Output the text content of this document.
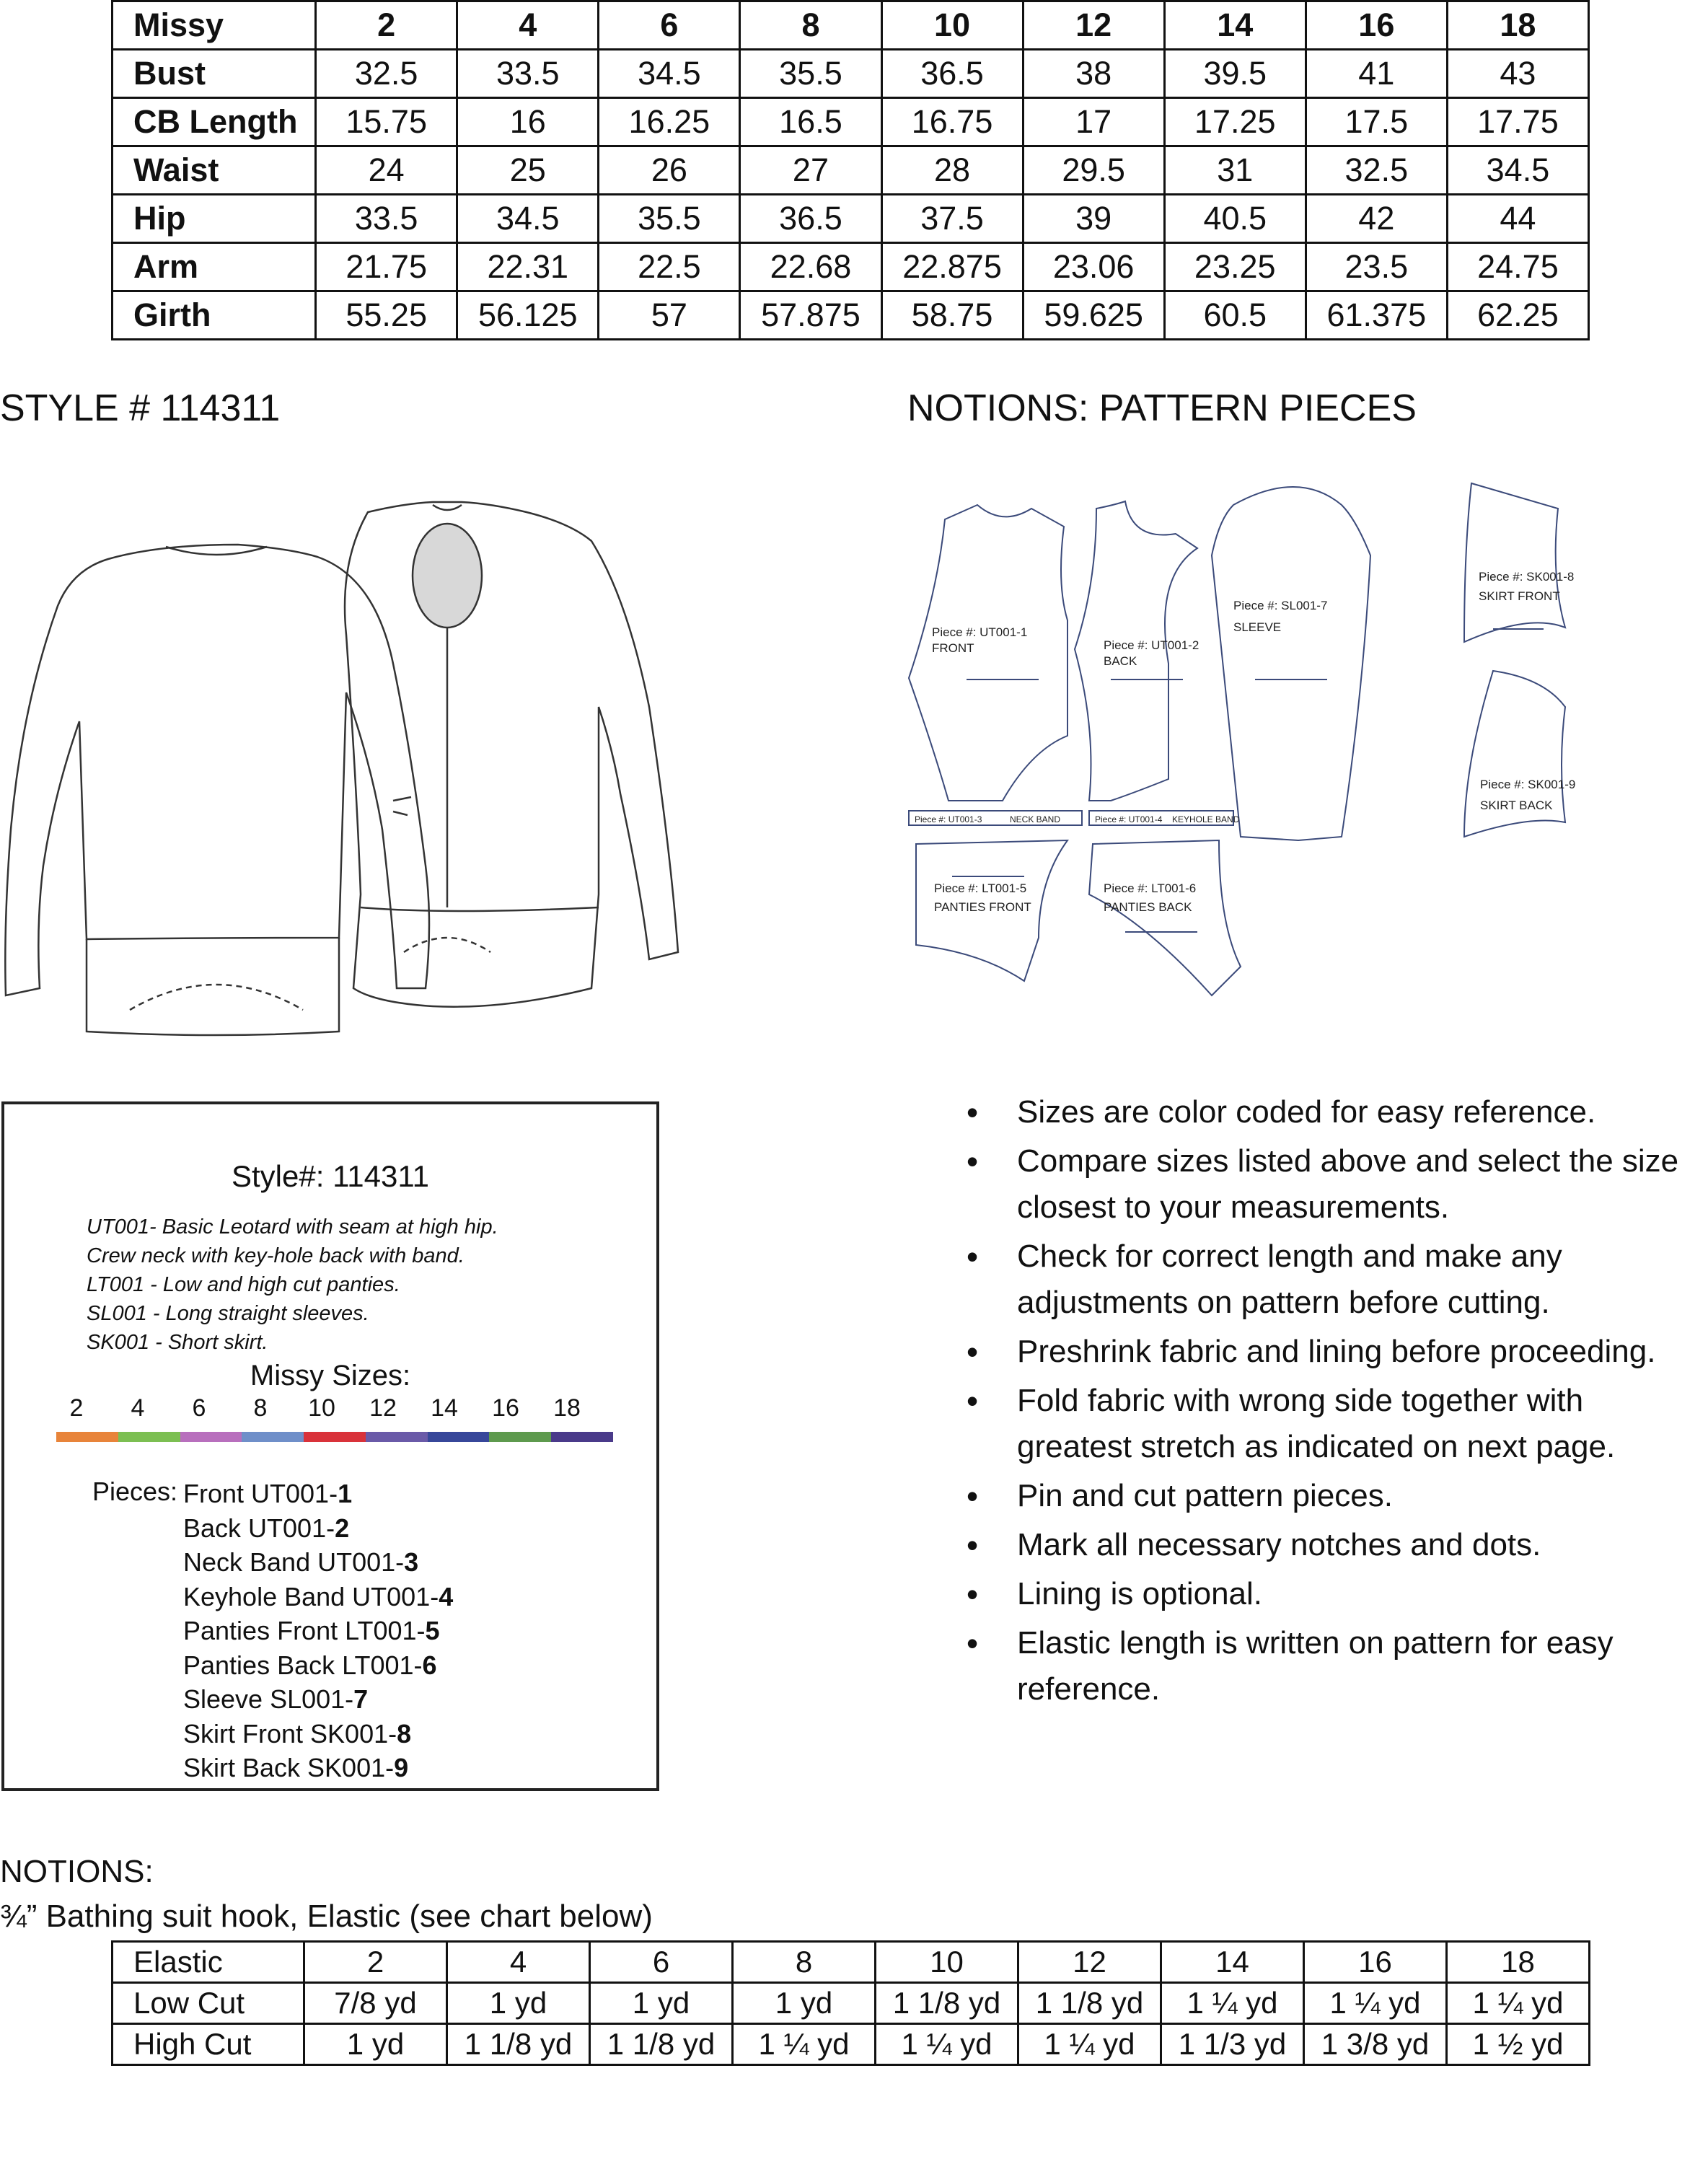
Missy	2	4	6	8	10	12	14	16	18
Bust	32.5	33.5	34.5	35.5	36.5	38	39.5	41	43
CB Length	15.75	16	16.25	16.5	16.75	17	17.25	17.5	17.75
Waist	24	25	26	27	28	29.5	31	32.5	34.5
Hip	33.5	34.5	35.5	36.5	37.5	39	40.5	42	44
Arm	21.75	22.31	22.5	22.68	22.875	23.06	23.25	23.5	24.75
Girth	55.25	56.125	57	57.875	58.75	59.625	60.5	61.375	62.25
STYLE # 114311	NOTIONS: PATTERN PIECES
Piece #: UT001-1
FRONT	Piece #: UT001-2
BACK
Piece #: SL001-7
SLEEVE
Piece #: SK001-8
SKIRT FRONT
Piece #: SK001-9
SKIRT BACK
Piece #: UT001-3	NECK BAND	Piece #: UT001-4 KEYHOLE BAND
Piece #: LT001-5
PANTIES FRONT
Piece #: LT001-6
PANTIES BACK
Style#: 114311
UT001- Basic Leotard with seam at high hip.
Crew neck with key-hole back with band.
LT001 - Low and high cut panties.
SL001 - Long straight sleeves.
SK001 - Short skirt.
Missy Sizes:
2	4	6	8	10	12	14	16	18
Pieces: Front UT001-1
Back UT001-2
Neck Band UT001-3
Keyhole Band UT001-4
Panties Front LT001-5
Panties Back LT001-6
Sleeve SL001-7
Skirt Front SK001-8
Skirt Back SK001-9
• Sizes are color coded for easy reference.
• Compare sizes listed above and select the size closest to your measurements.
• Check for correct length and make any adjustments on pattern before cutting.
• Preshrink fabric and lining before proceeding.
• Fold fabric with wrong side together with greatest stretch as indicated on next page.
• Pin and cut pattern pieces.
• Mark all necessary notches and dots.
• Lining is optional.
• Elastic length is written on pattern for easy reference.
NOTIONS:
¾” Bathing suit hook, Elastic (see chart below)
Elastic	2	4	6	8	10	12	14	16	18
Low Cut	7/8 yd	1 yd	1 yd	1 yd	1 1/8 yd	1 1/8 yd	1 ¼ yd	1 ¼ yd	1 ¼ yd
High Cut	1 yd	1 1/8 yd	1 1/8 yd	1 ¼ yd	1 ¼ yd	1 ¼ yd	1 1/3 yd	1 3/8 yd	1 ½ yd
